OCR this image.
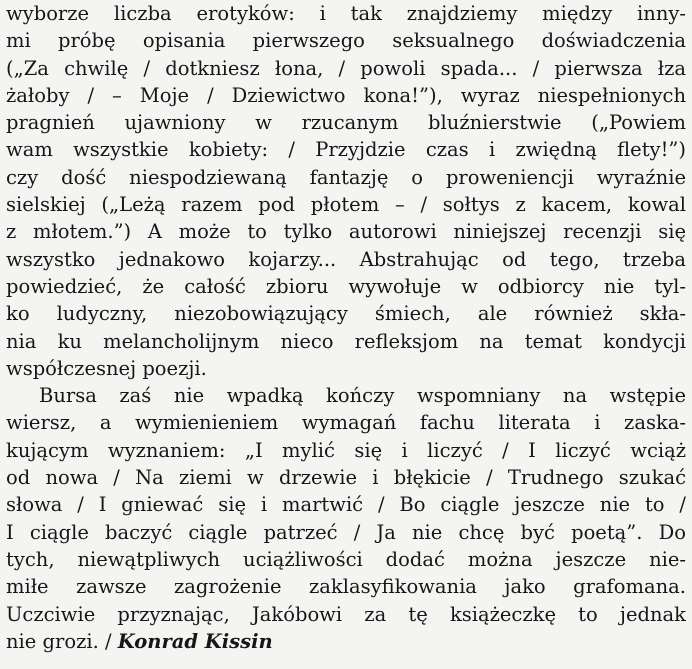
wyborze liczba erotyków: i tak znajdziemy między inny-
mi próbę opisania pierwszego seksualnego doświadczenia
(„Za chwilę / dotkniesz łona, / powoli spada... / pierwsza łza
żałoby / – Moje / Dziewictwo kona!”), wyraz niespełnionych
pragnień ujawniony w rzucanym bluźnierstwie („Powiem
wam wszystkie kobiety: / Przyjdzie czas i zwiędną flety!”)
czy dość niespodziewaną fantazję o proweniencji wyraźnie
sielskiej („Leżą razem pod płotem – / sołtys z kacem, kowal
z młotem.”) A może to tylko autorowi niniejszej recenzji się
wszystko jednakowo kojarzy... Abstrahując od tego, trzeba
powiedzieć, że całość zbioru wywołuje w odbiorcy nie tyl-
ko ludyczny, niezobowiązujący śmiech, ale również skła-
nia ku melancholijnym nieco refleksjom na temat kondycji
współczesnej poezji.
Bursa zaś nie wpadką kończy wspomniany na wstępie
wiersz, a wymienieniem wymagań fachu literata i zaska-
kującym wyznaniem: „I mylić się i liczyć / I liczyć wciąż
od nowa / Na ziemi w drzewie i błękicie / Trudnego szukać
słowa / I gniewać się i martwić / Bo ciągle jeszcze nie to /
I ciągle baczyć ciągle patrzeć / Ja nie chcę być poetą”. Do
tych, niewątpliwych uciążliwości dodać można jeszcze nie-
miłe zawsze zagrożenie zaklasyfikowania jako grafomana.
Uczciwie przyznając, Jakóbowi za tę książeczkę to jednak
nie grozi. / Konrad Kissin
